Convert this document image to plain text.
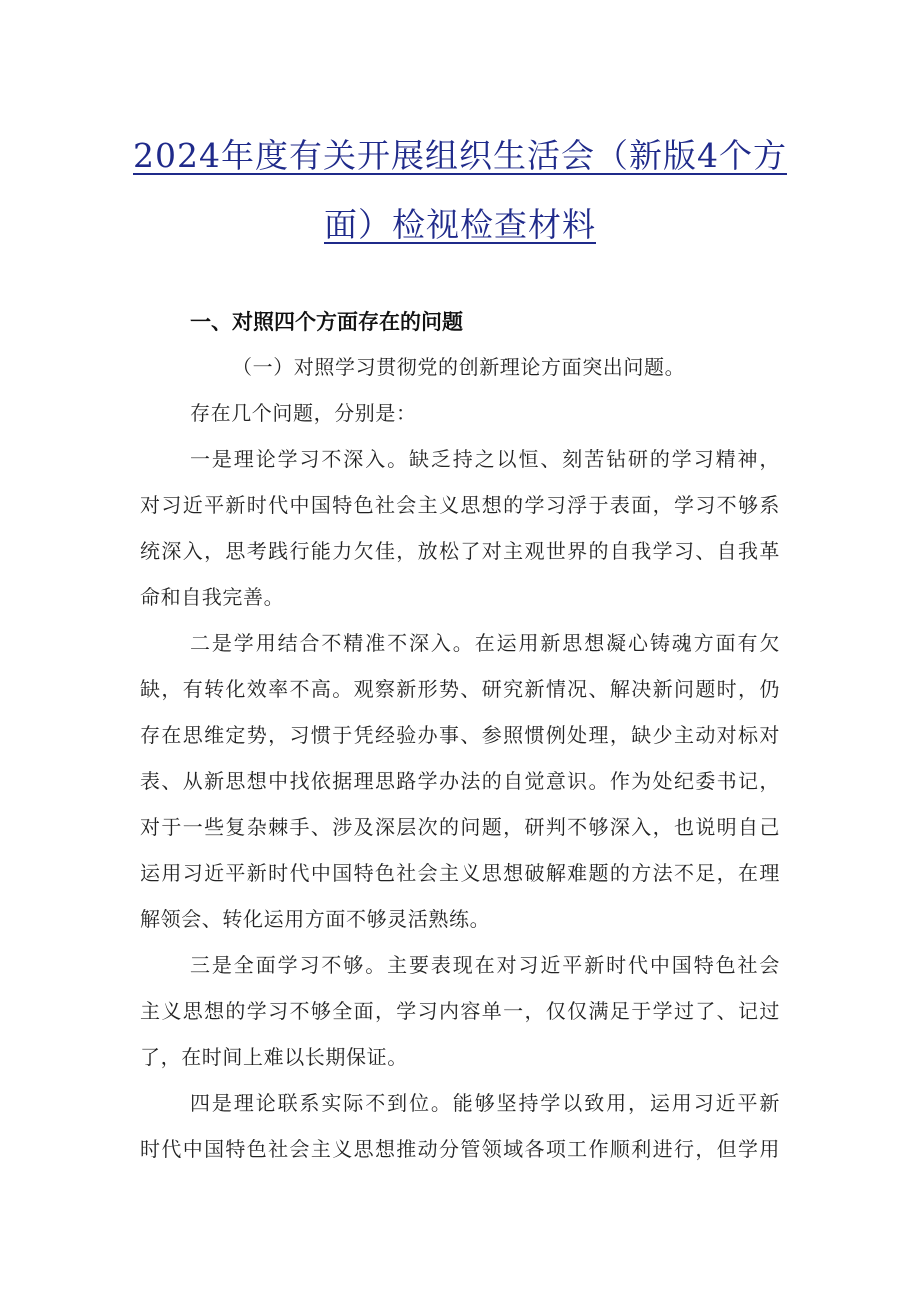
2024年度有关开展组织生活会（新版4个方
面）检视检查材料
一、对照四个方面存在的问题
（一）对照学习贯彻党的创新理论方面突出问题。
存在几个问题，分别是：
一是理论学习不深入。缺乏持之以恒、刻苦钻研的学习精神，
对习近平新时代中国特色社会主义思想的学习浮于表面，学习不够系
统深入，思考践行能力欠佳，放松了对主观世界的自我学习、自我革
命和自我完善。
二是学用结合不精准不深入。在运用新思想凝心铸魂方面有欠
缺，有转化效率不高。观察新形势、研究新情况、解决新问题时，仍
存在思维定势，习惯于凭经验办事、参照惯例处理，缺少主动对标对
表、从新思想中找依据理思路学办法的自觉意识。作为处纪委书记，
对于一些复杂棘手、涉及深层次的问题，研判不够深入，也说明自己
运用习近平新时代中国特色社会主义思想破解难题的方法不足，在理
解领会、转化运用方面不够灵活熟练。
三是全面学习不够。主要表现在对习近平新时代中国特色社会
主义思想的学习不够全面，学习内容单一，仅仅满足于学过了、记过
了，在时间上难以长期保证。
四是理论联系实际不到位。能够坚持学以致用，运用习近平新
时代中国特色社会主义思想推动分管领域各项工作顺利进行，但学用
